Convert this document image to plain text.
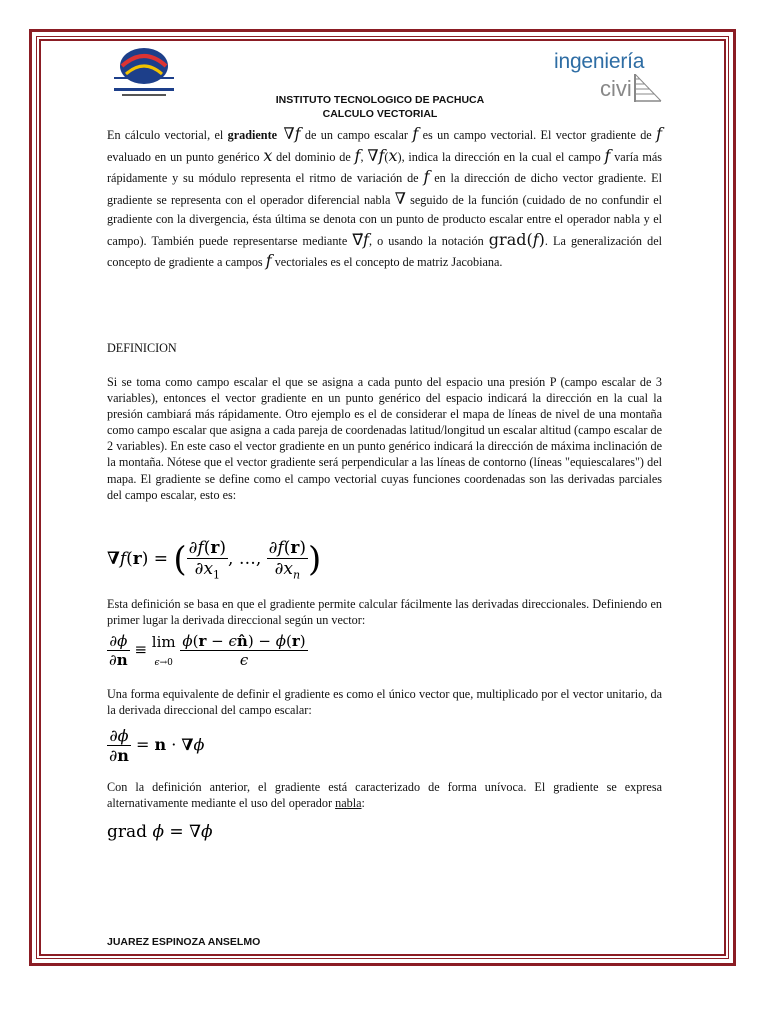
ingeniería
civi
INSTITUTO TECNOLOGICO DE PACHUCA
CALCULO VECTORIAL

En cálculo vectorial, el gradiente ∇f de un campo escalar f es un campo vectorial. El vector gradiente de f evaluado en un punto genérico x del dominio de f, ∇f(x), indica la dirección en la cual el campo f varía más rápidamente y su módulo representa el ritmo de variación de f en la dirección de dicho vector gradiente. El gradiente se representa con el operador diferencial nabla ∇ seguido de la función (cuidado de no confundir el gradiente con la divergencia, ésta última se denota con un punto de producto escalar entre el operador nabla y el campo). También puede representarse mediante ∇⃗f, o usando la notación grad(f). La generalización del concepto de gradiente a campos f vectoriales es el concepto de matriz Jacobiana.

DEFINICION

Si se toma como campo escalar el que se asigna a cada punto del espacio una presión P (campo escalar de 3 variables), entonces el vector gradiente en un punto genérico del espacio indicará la dirección en la cual la presión cambiará más rápidamente. Otro ejemplo es el de considerar el mapa de líneas de nivel de una montaña como campo escalar que asigna a cada pareja de coordenadas latitud/longitud un escalar altitud (campo escalar de 2 variables). En este caso el vector gradiente en un punto genérico indicará la dirección de máxima inclinación de la montaña. Nótese que el vector gradiente será perpendicular a las líneas de contorno (líneas "equiescalares") del mapa. El gradiente se define como el campo vectorial cuyas funciones coordenadas son las derivadas parciales del campo escalar, esto es:

∇f(r) = ( $\frac{\partial f(r)}{\partial x_1}$ , …, $\frac{\partial f(r)}{\partial x_n}$ )

Esta definición se basa en que el gradiente permite calcular fácilmente las derivadas direccionales. Definiendo en primer lugar la derivada direccional según un vector:

$\frac{\partial\phi}{\partial n} \equiv \lim$
$\epsilon\to 0 \frac{\phi(r - \epsilon n̂) - \phi(r)}{\epsilon}$

Una forma equivalente de definir el gradiente es como el único vector que, multiplicado por el vector unitario, da la derivada direccional del campo escalar:

$\frac{\partial\phi}{\partial n} = n \cdot \nabla\phi$

Con la definición anterior, el gradiente está caracterizado de forma unívoca. El gradiente se expresa alternativamente mediante el uso del operador nabla:

grad ϕ = ∇ϕ
JUAREZ ESPINOZA ANSELMO
